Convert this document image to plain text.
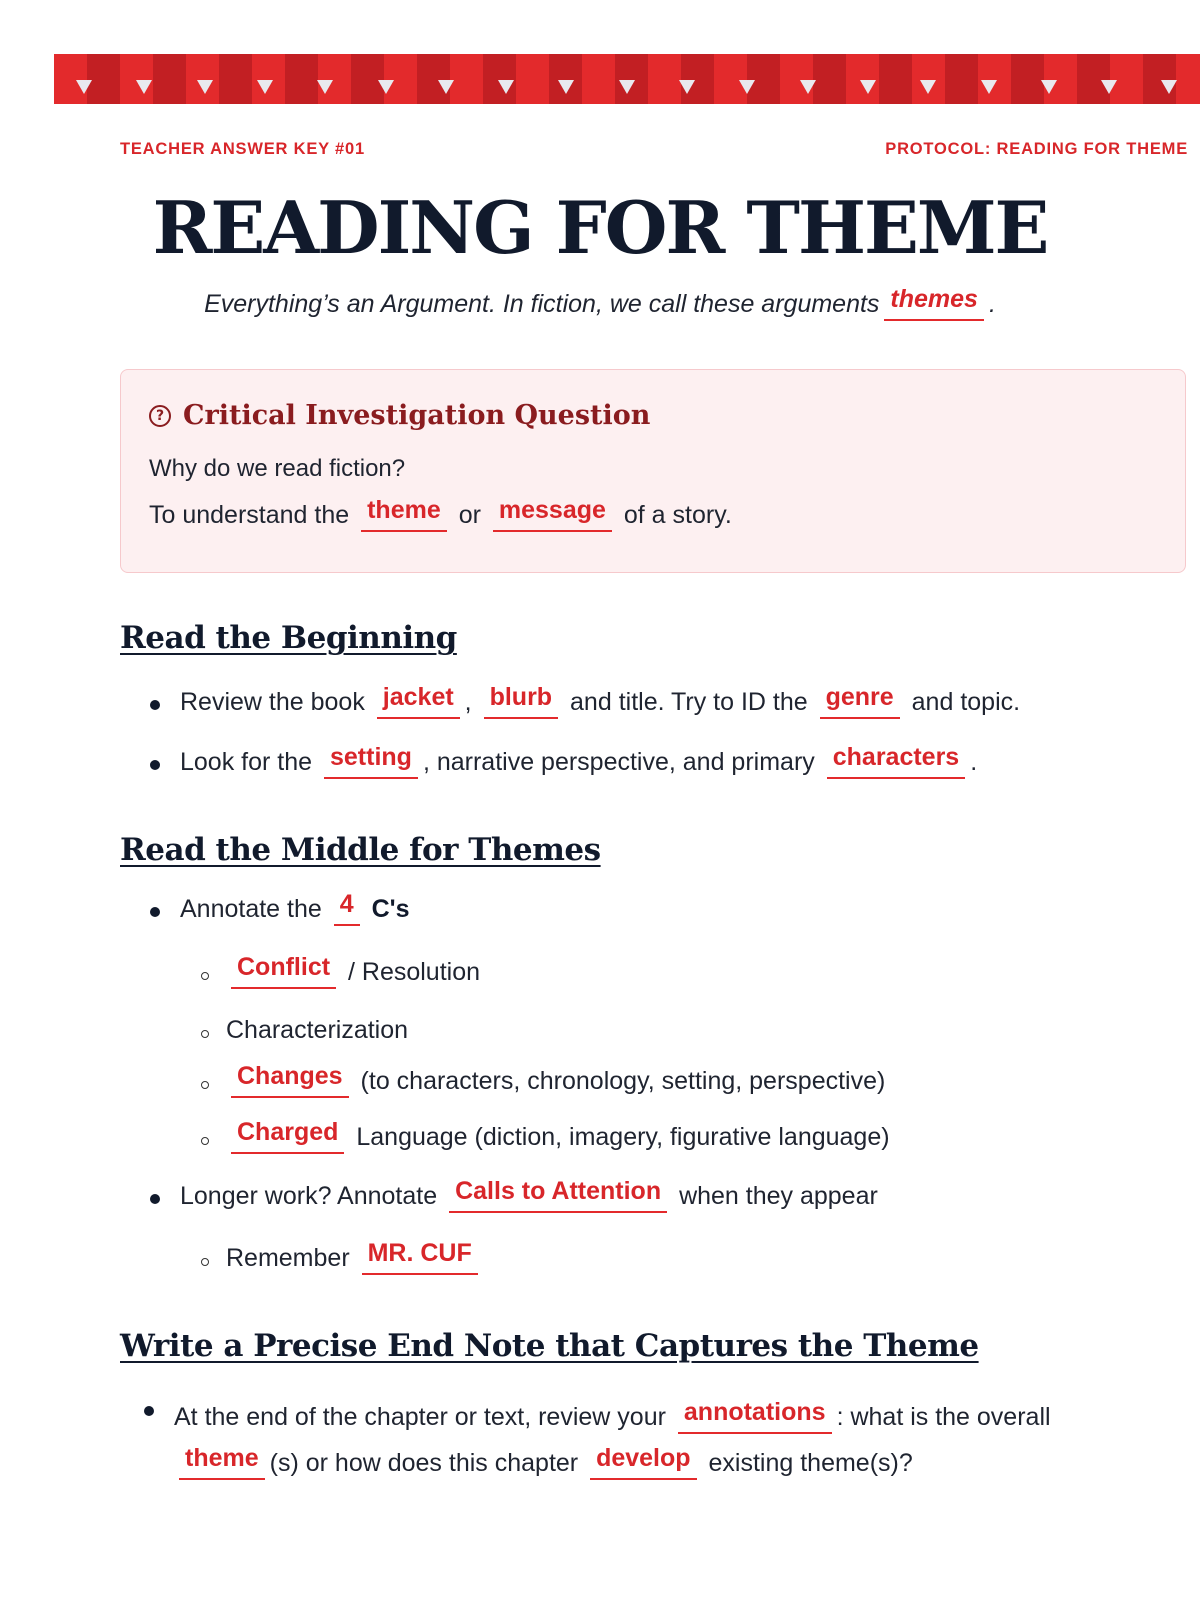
TEACHER ANSWER KEY #01	PROTOCOL: READING FOR THEME
READING FOR THEME
Everything’s an Argument. In fiction, we call these arguments themes .
? Critical Investigation Question
Why do we read fiction?
To understand the theme or message of a story.
Read the Beginning
Review the book jacket , blurb and title. Try to ID the genre and topic.
Look for the setting , narrative perspective, and primary characters .
Read the Middle for Themes
Annotate the 4 C's
Conflict / Resolution
Characterization
Changes (to characters, chronology, setting, perspective)
Charged Language (diction, imagery, figurative language)
Longer work? Annotate Calls to Attention when they appear
Remember MR. CUF
Write a Precise End Note that Captures the Theme
At the end of the chapter or text, review your annotations : what is the overall theme (s) or how does this chapter develop existing theme(s)?
